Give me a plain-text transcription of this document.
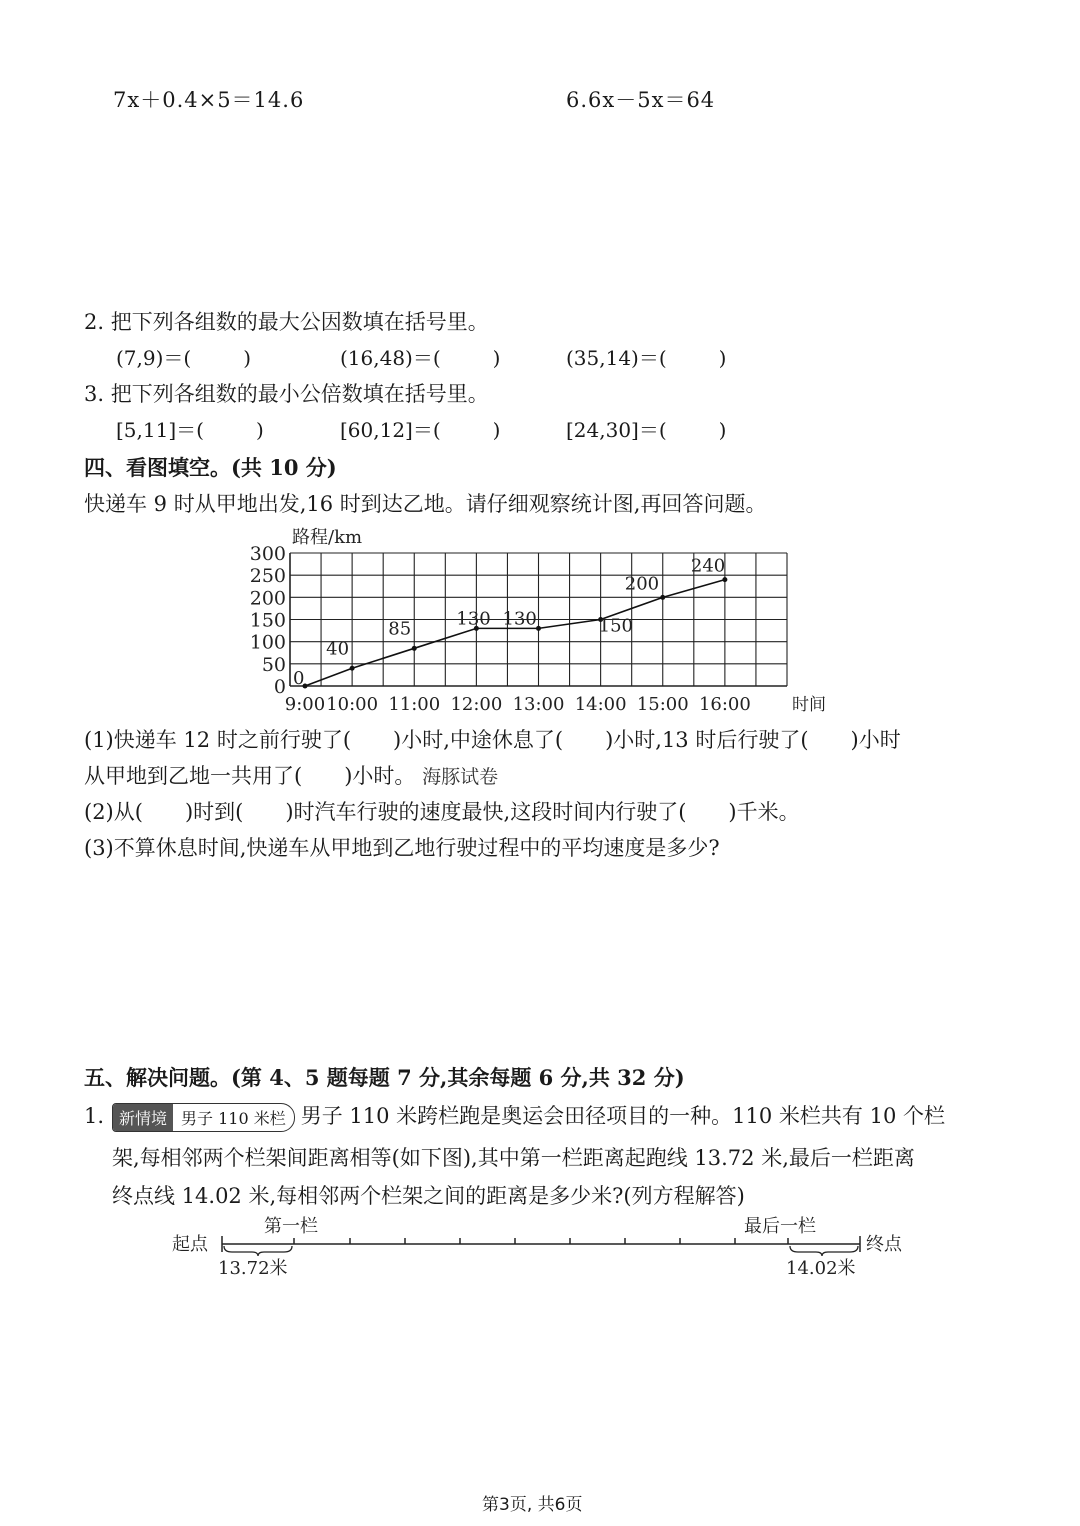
7x＋0.4×5＝14.6	6.6x－5x＝64
2. 把下列各组数的最大公因数填在括号里。
(7,9)＝(	)	(16,48)＝(	)	(35,14)＝(	)
3. 把下列各组数的最小公倍数填在括号里。
[5,11]＝(	)	[60,12]＝(	)	[24,30]＝(	)
四、看图填空。(共 10 分)
快递车 9 时从甲地出发,16 时到达乙地。请仔细观察统计图,再回答问题。
0
50
100
150
200
250
300
路程/km
9:00 10:00 11:00 12:00 13:00 14:00 15:00 16:00 时间
0
40
85	130 130	150
200
240
(1)快递车 12 时之前行驶了(　　)小时,中途休息了(　　)小时,13 时后行驶了(　　)小时
从甲地到乙地一共用了(　　)小时。 海豚试卷
(2)从(　　)时到(　　)时汽车行驶的速度最快,这段时间内行驶了(　　)千米。
(3)不算休息时间,快递车从甲地到乙地行驶过程中的平均速度是多少?
五、解决问题。(第 4、5 题每题 7 分,其余每题 6 分,共 32 分)
1. 新情境 男子 110 米栏 男子 110 米跨栏跑是奥运会田径项目的一种。110 米栏共有 10 个栏
架,每相邻两个栏架间距离相等(如下图),其中第一栏距离起跑线 13.72 米,最后一栏距离
终点线 14.02 米,每相邻两个栏架之间的距离是多少米?(列方程解答)
起点	终点
第一栏	最后一栏
13.72米	14.02米
第3页, 共6页
